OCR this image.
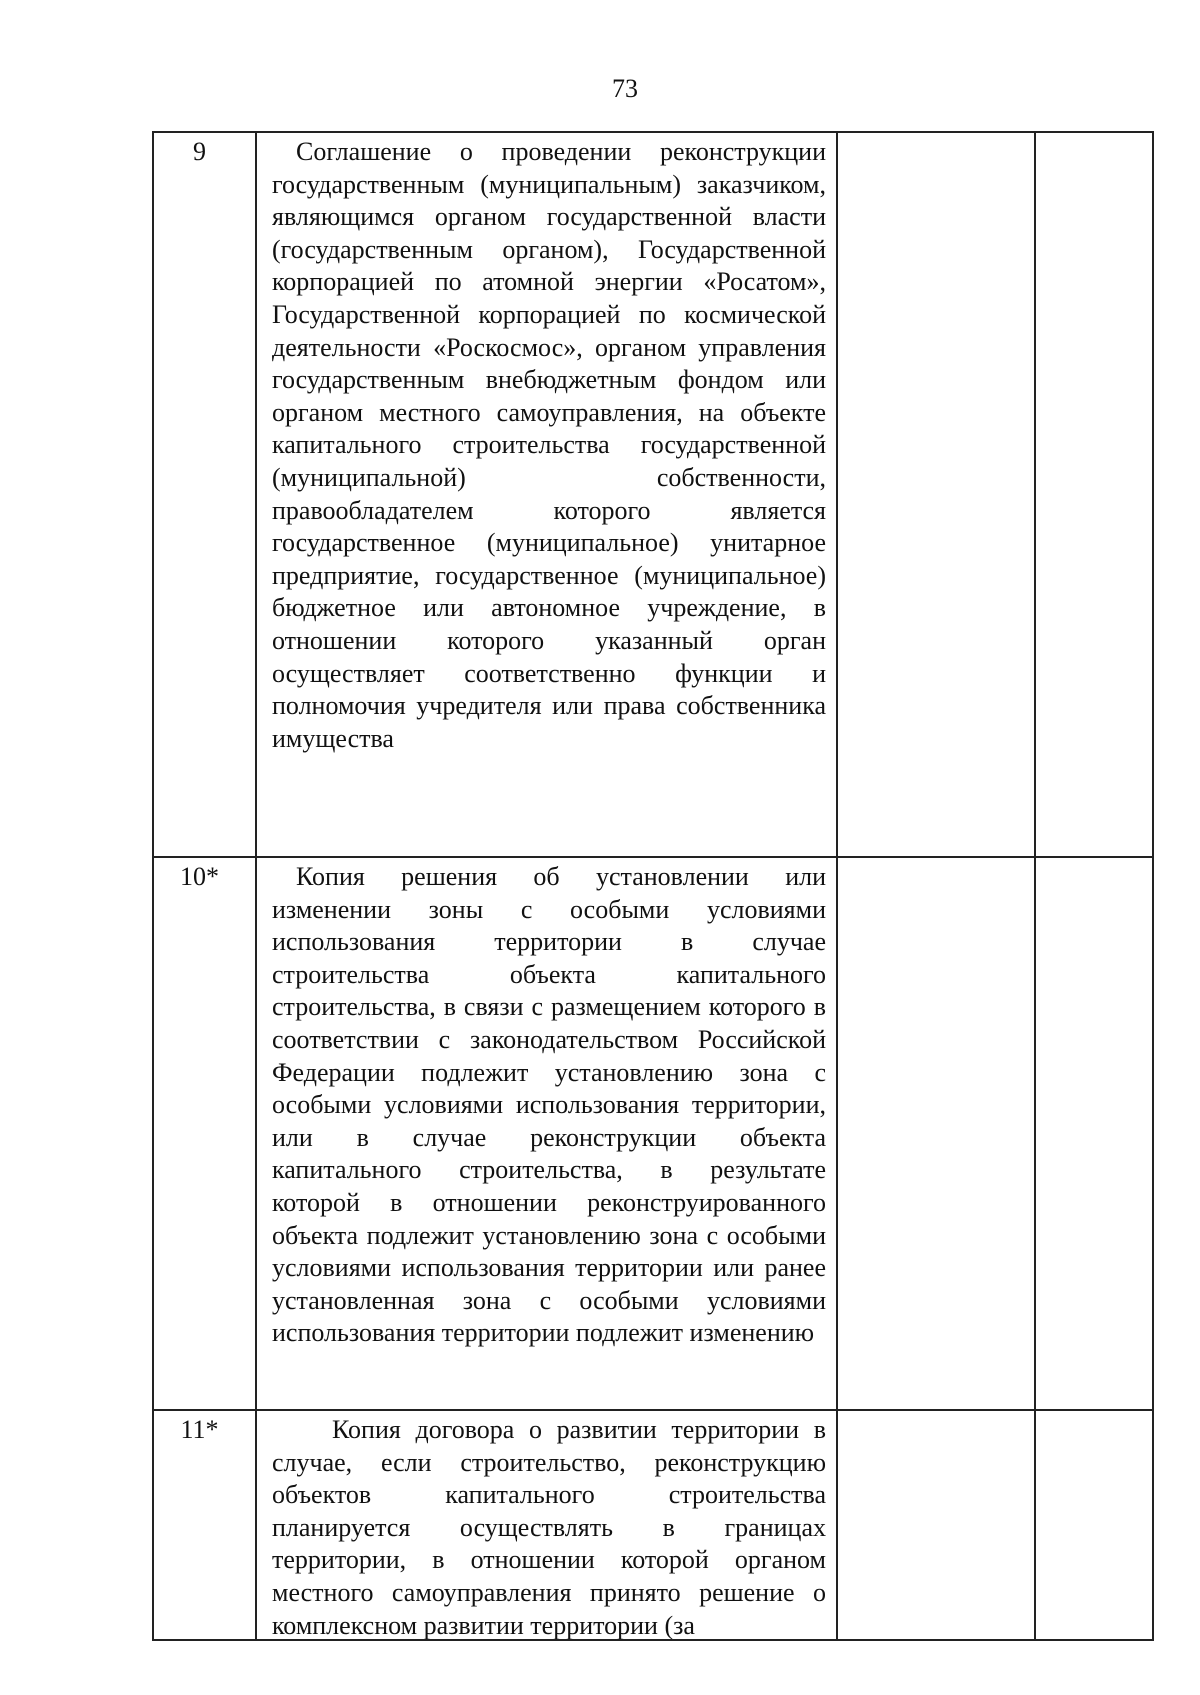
73
9	Соглашение о проведении реконструкции государственным (муниципальным) заказчиком, являющимся органом государственной власти (государственным органом), Государственной корпорацией по атомной энергии «Росатом», Государственной корпорацией по космической деятельности «Роскосмос», органом управления государственным внебюджетным фондом или органом местного самоуправления, на объекте капитального строительства государственной (муниципальной) собственности, правообладателем которого является государственное (муниципальное) унитарное предприятие, государственное (муниципальное) бюджетное или автономное учреждение, в отношении которого указанный орган осуществляет соответственно функции и полномочия учредителя или права собственника имущества		

10*	Копия решения об установлении или изменении зоны с особыми условиями использования территории в случае строительства объекта капитального строительства, в связи с размещением которого в соответствии с законодательством Российской Федерации подлежит установлению зона с особыми условиями использования территории, или в случае реконструкции объекта капитального строительства, в результате которой в отношении реконструированного объекта подлежит установлению зона с особыми условиями использования территории или ранее установленная зона с особыми условиями использования территории подлежит изменению		

11*	Копия договора о развитии территории в случае, если строительство, реконструкцию объектов капитального строительства планируется осуществлять в границах территории, в отношении которой органом местного самоуправления принято решение о комплексном развитии территории (за		
